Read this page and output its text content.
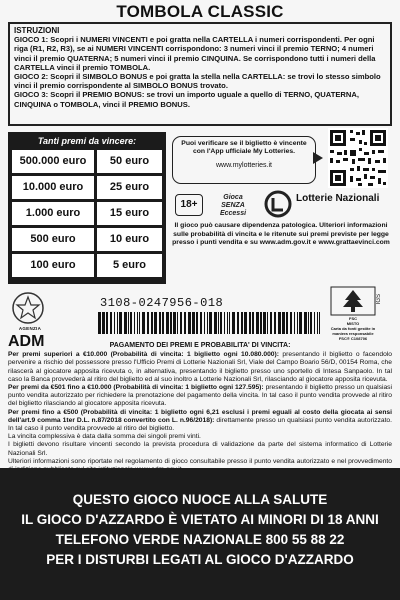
TOMBOLA CLASSIC

ISTRUZIONI

GIOCO 1: Scopri i NUMERI VINCENTI e poi gratta nella CARTELLA i numeri corrispondenti. Per ogni riga (R1, R2, R3), se ai NUMERI VINCENTI corrispondono: 3 numeri vinci il premio TERNO; 4 numeri vinci il premio QUATERNA; 5 numeri vinci il premio CINQUINA. Se corrispondono tutti i numeri della CARTELLA vinci il premio TOMBOLA.

GIOCO 2: Scopri il SIMBOLO BONUS e poi gratta la stella nella CARTELLA: se trovi lo stesso simbolo vinci il premio corrispondente al SIMBOLO BONUS trovato.

GIOCO 3: Scopri il PREMIO BONUS: se trovi un importo uguale a quello di TERNO, QUATERNA, CINQUINA o TOMBOLA, vinci il PREMIO BONUS.

Tanti premi da vincere:
500.000 euro	50 euro
10.000 euro	25 euro
1.000 euro	15 euro
500 euro	10 euro
100 euro	5 euro
Puoi verificare se il biglietto è vincente con l'App ufficiale My Lotteries.
www.mylotteries.it
18+
Gioca
SENZA
Eccessi
Lotterie Nazionali
Il gioco può causare dipendenza patologica. Ulteriori informazioni sulle probabilità di vincita e le ritenute sui premi previste per legge presso i punti vendita e su www.adm.gov.it e www.grattaevinci.com
AGENZIA
ADM
3108-0247956-018	IGS
FSC
MISTO
Carta da fonti gestite in maniera responsabile
FSC® C108706
PAGAMENTO DEI PREMI E PROBABILITA' DI VINCITA:

Per premi superiori a €10.000 (Probabilità di vincita: 1 biglietto ogni 10.080.000): presentando il biglietto o facendolo pervenire a rischio del possessore presso l'Ufficio Premi di Lotterie Nazionali Srl, Viale del Campo Boario 56/D, 00154 Roma, che rilascerà al giocatore apposita ricevuta o, in alternativa, presentando il biglietto presso uno sportello di Intesa Sanpaolo. In tal caso la Banca provvederà al ritiro del biglietto ed al suo inoltro a Lotterie Nazionali Srl, rilasciando al giocatore apposita ricevuta.

Per premi da €501 fino a €10.000 (Probabilità di vincita: 1 biglietto ogni 127.595): presentando il biglietto presso un qualsiasi punto vendita autorizzato per richiedere la prenotazione del pagamento della vincita. In tal caso il punto vendita provvede al ritiro del biglietto rilasciando al giocatore apposita ricevuta.

Per premi fino a €500 (Probabilità di vincita: 1 biglietto ogni 6,21 esclusi i premi eguali al costo della giocata ai sensi dell'art.9 comma 1ter D.L. n.87/2018 convertito con L. n.96/2018): direttamente presso un qualsiasi punto vendita autorizzato. In tal caso il punto vendita provvede al ritiro del biglietto.

La vincita complessiva è data dalla somma dei singoli premi vinti.

I biglietti devono risultare vincenti secondo la prevista procedura di validazione da parte del sistema informatico di Lotterie Nazionali Srl.

Ulteriori informazioni sono riportate nel regolamento di gioco consultabile presso il punto vendita autorizzato e nel provvedimento

QUESTO GIOCO NUOCE ALLA SALUTE
IL GIOCO D'AZZARDO È VIETATO AI MINORI DI 18 ANNI
TELEFONO VERDE NAZIONALE 800 55 88 22
PER I DISTURBI LEGATI AL GIOCO D'AZZARDO
